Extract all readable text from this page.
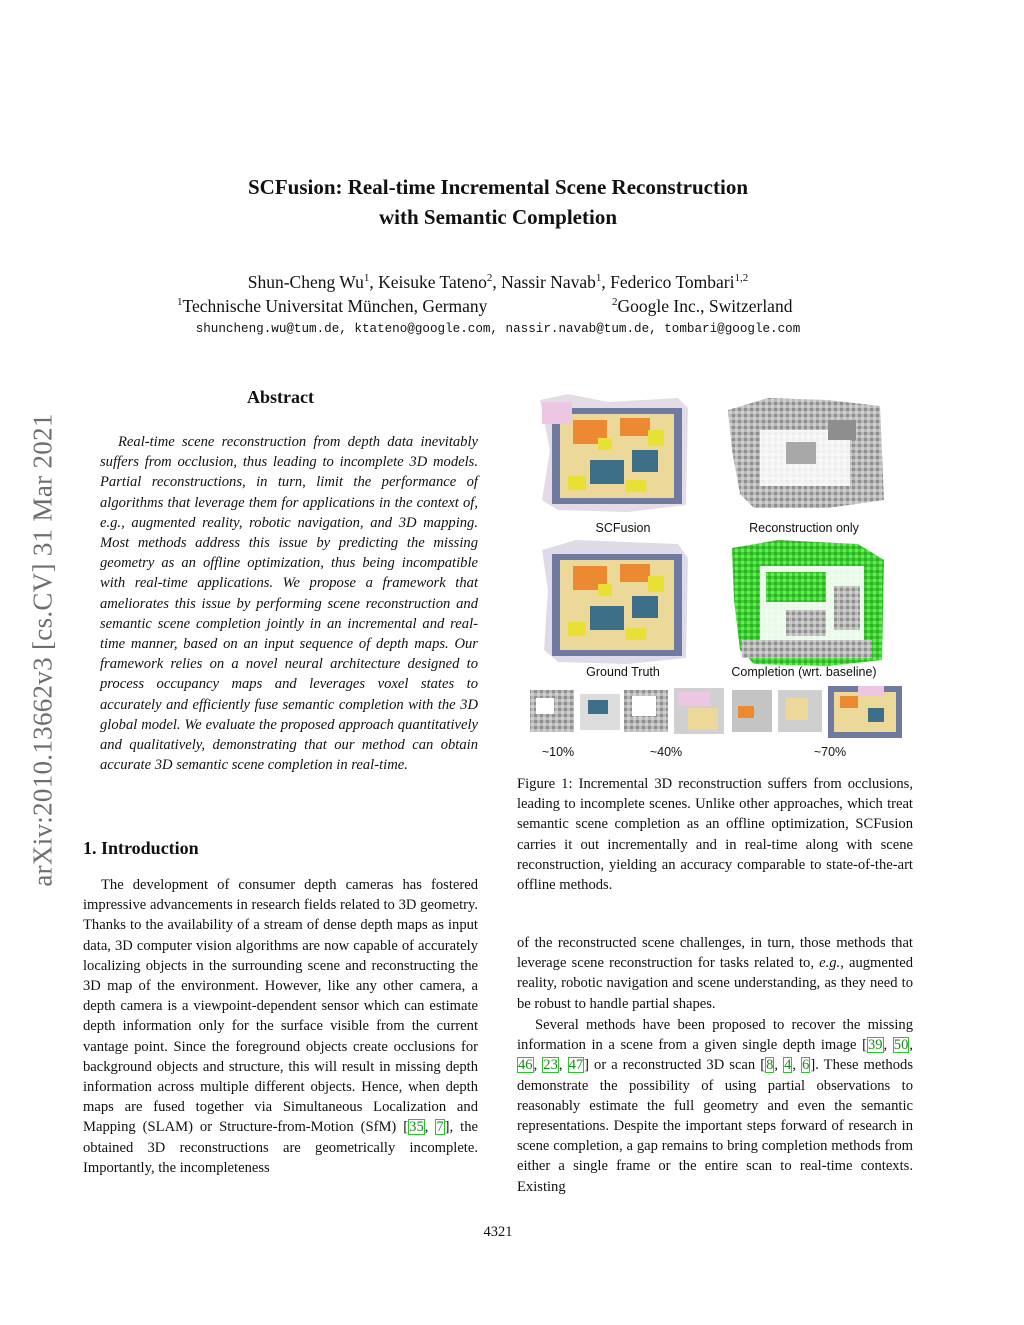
SCFusion: Real-time Incremental Scene Reconstruction
with Semantic Completion
Shun-Cheng Wu$^1$, Keisuke Tateno$^2$, Nassir Navab$^1$, Federico Tombari$^{1,2}$
$^1$Technische Universitat München, Germany	$^2$Google Inc., Switzerland
shuncheng.wu@tum.de, ktateno@google.com, nassir.navab@tum.de, tombari@google.com
arXiv:2010.13662v3 [cs.CV] 31 Mar 2021
Abstract

Real-time scene reconstruction from depth data inevitably suffers from occlusion, thus leading to incomplete 3D models. Partial reconstructions, in turn, limit the performance of algorithms that leverage them for applications in the context of, e.g., augmented reality, robotic navigation, and 3D mapping. Most methods address this issue by predicting the missing geometry as an offline optimization, thus being incompatible with real-time applications. We propose a framework that ameliorates this issue by performing scene reconstruction and semantic scene completion jointly in an incremental and real-time manner, based on an input sequence of depth maps. Our framework relies on a novel neural architecture designed to process occupancy maps and leverages voxel states to accurately and efficiently fuse semantic completion with the 3D global model. We evaluate the proposed approach quantitatively and qualitatively, demonstrating that our method can obtain accurate 3D semantic scene completion in real-time.

1. Introduction

The development of consumer depth cameras has fostered impressive advancements in research fields related to 3D geometry. Thanks to the availability of a stream of dense depth maps as input data, 3D computer vision algorithms are now capable of accurately localizing objects in the surrounding scene and reconstructing the 3D map of the environment. However, like any other camera, a depth camera is a viewpoint-dependent sensor which can estimate depth information only for the surface visible from the current vantage point. Since the foreground objects create occlusions for background objects and structure, this will result in missing depth information across multiple different objects. Hence, when depth maps are fused together via Simultaneous Localization and Mapping (SLAM) or Structure-from-Motion (SfM) [35, 7], the obtained 3D reconstructions are geometrically incomplete. Importantly, the incompleteness

SCFusion	Reconstruction only
Ground Truth	Completion (wrt. baseline)
~10%	~40%	~70%

Figure 1: Incremental 3D reconstruction suffers from occlusions, leading to incomplete scenes. Unlike other approaches, which treat semantic scene completion as an offline optimization, SCFusion carries it out incrementally and in real-time along with scene reconstruction, yielding an accuracy comparable to state-of-the-art offline methods.

of the reconstructed scene challenges, in turn, those methods that leverage scene reconstruction for tasks related to, e.g., augmented reality, robotic navigation and scene understanding, as they need to be robust to handle partial shapes.

Several methods have been proposed to recover the missing information in a scene from a given single depth image [39, 50, 46, 23, 47] or a reconstructed 3D scan [8, 4, 6]. These methods demonstrate the possibility of using partial observations to reasonably estimate the full geometry and even the semantic representations. Despite the important steps forward of research in scene completion, a gap remains to bring completion methods from either a single frame or the entire scan to real-time contexts. Existing

4321
